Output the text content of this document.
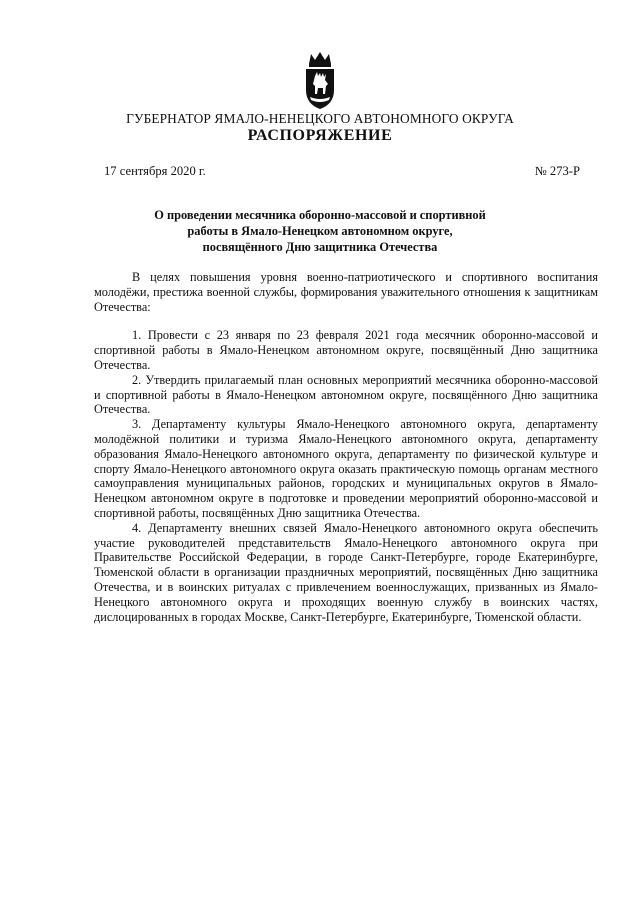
ГУБЕРНАТОР ЯМАЛО-НЕНЕЦКОГО АВТОНОМНОГО ОКРУГА
РАСПОРЯЖЕНИЕ
17 сентября 2020 г.	№ 273-Р
О проведении месячника оборонно-массовой и спортивной
работы в Ямало-Ненецком автономном округе,
посвящённого Дню защитника Отечества

В целях повышения уровня военно-патриотического и спортивного воспитания молодёжи, престижа военной службы, формирования уважительного отношения к защитникам Отечества:

1. Провести с 23 января по 23 февраля 2021 года месячник оборонно-массовой и спортивной работы в Ямало-Ненецком автономном округе, посвящённый Дню защитника Отечества.

2. Утвердить прилагаемый план основных мероприятий месячника оборонно-массовой и спортивной работы в Ямало-Ненецком автономном округе, посвящённого Дню защитника Отечества.

3. Департаменту культуры Ямало-Ненецкого автономного округа, департаменту молодёжной политики и туризма Ямало-Ненецкого автономного округа, департаменту образования Ямало-Ненецкого автономного округа, департаменту по физической культуре и спорту Ямало-Ненецкого автономного округа оказать практическую помощь органам местного самоуправления муниципальных районов, городских и муниципальных округов в Ямало-Ненецком автономном округе в подготовке и проведении мероприятий оборонно-массовой и спортивной работы, посвящённых Дню защитника Отечества.

4. Департаменту внешних связей Ямало-Ненецкого автономного округа обеспечить участие руководителей представительств Ямало-Ненецкого автономного округа при Правительстве Российской Федерации, в городе Санкт-Петербурге, городе Екатеринбурге, Тюменской области в организации праздничных мероприятий, посвящённых Дню защитника Отечества, и в воинских ритуалах с привлечением военнослужащих, призванных из Ямало-Ненецкого автономного округа и проходящих военную службу в воинских частях, дислоцированных в городах Москве, Санкт-Петербурге, Екатеринбурге, Тюменской области.
